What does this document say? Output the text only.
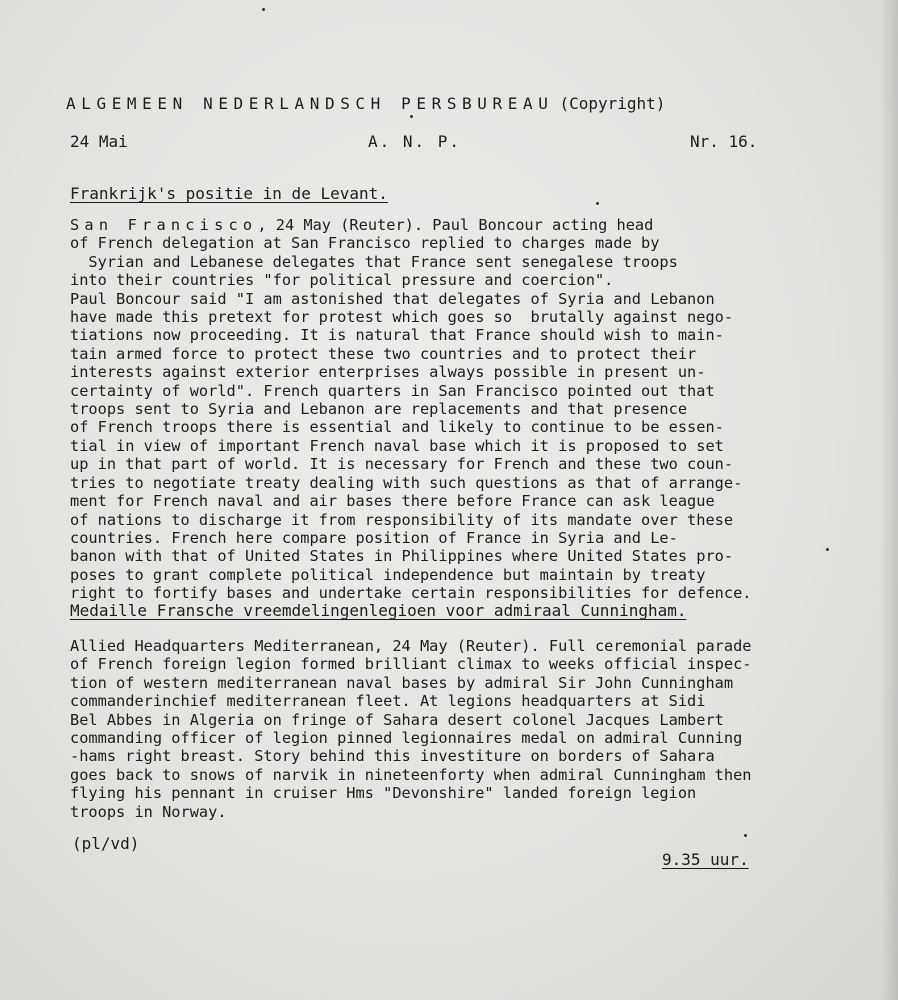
ALGEMEEN NEDERLANDSCH PERSBUREAU (Copyright)
24 Mai	A. N. P.	Nr. 16.
Frankrijk's positie in de Levant.
San Francisco, 24 May (Reuter). Paul Boncour acting head
of French delegation at San Francisco replied to charges made by
Syrian and Lebanese delegates that France sent senegalese troops
into their countries "for political pressure and coercion".
Paul Boncour said "I am astonished that delegates of Syria and Lebanon
have made this pretext for protest which goes so  brutally against nego-
tiations now proceeding. It is natural that France should wish to main-
tain armed force to protect these two countries and to protect their
interests against exterior enterprises always possible in present un-
certainty of world". French quarters in San Francisco pointed out that
troops sent to Syria and Lebanon are replacements and that presence
of French troops there is essential and likely to continue to be essen-
tial in view of important French naval base which it is proposed to set
up in that part of world. It is necessary for French and these two coun-
tries to negotiate treaty dealing with such questions as that of arrange-
ment for French naval and air bases there before France can ask league
of nations to discharge it from responsibility of its mandate over these
countries. French here compare position of France in Syria and Le-
banon with that of United States in Philippines where United States pro-
poses to grant complete political independence but maintain by treaty
right to fortify bases and undertake certain responsibilities for defence.
Medaille Fransche vreemdelingenlegioen voor admiraal Cunningham.
Allied Headquarters Mediterranean, 24 May (Reuter). Full ceremonial parade
of French foreign legion formed brilliant climax to weeks official inspec-
tion of western mediterranean naval bases by admiral Sir John Cunningham
commanderinchief mediterranean fleet. At legions headquarters at Sidi
Bel Abbes in Algeria on fringe of Sahara desert colonel Jacques Lambert
commanding officer of legion pinned legionnaires medal on admiral Cunning
-hams right breast. Story behind this investiture on borders of Sahara
goes back to snows of narvik in nineteenforty when admiral Cunningham then
flying his pennant in cruiser Hms "Devonshire" landed foreign legion
troops in Norway.
(pl/vd)
9.35 uur.
